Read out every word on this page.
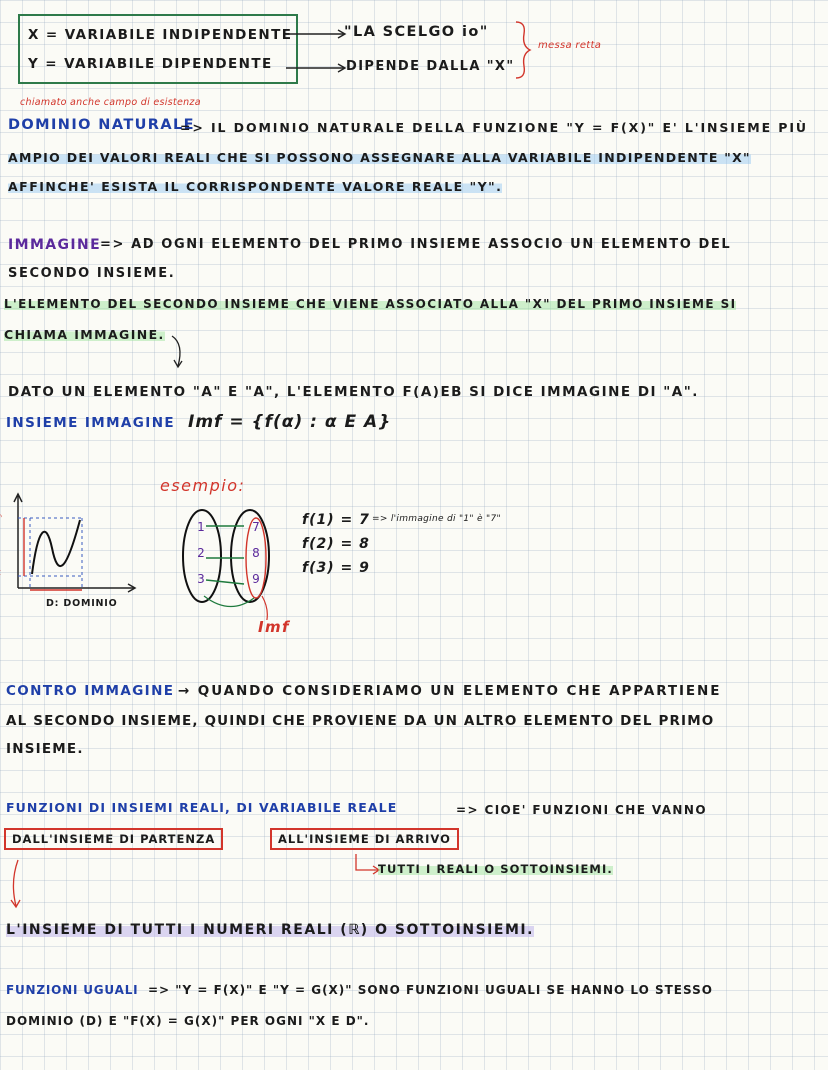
X = VARIABILE INDIPENDENTE
Y = VARIABILE DIPENDENTE
"LA SCELGO io"
DIPENDE DALLA "X"
messa retta
chiamato anche campo di esistenza
DOMINIO NATURALE
=> IL DOMINIO NATURALE DELLA FUNZIONE "Y = F(X)" E' L'INSIEME PIÙ
AMPIO DEI VALORI REALI CHE SI POSSONO ASSEGNARE ALLA VARIABILE INDIPENDENTE "X"
AFFINCHE' ESISTA IL CORRISPONDENTE VALORE REALE "Y".
IMMAGINE
=> AD OGNI ELEMENTO DEL PRIMO INSIEME ASSOCIO UN ELEMENTO DEL
SECONDO INSIEME.
L'ELEMENTO DEL SECONDO INSIEME CHE VIENE ASSOCIATO ALLA "X" DEL PRIMO INSIEME SI
CHIAMA IMMAGINE.
DATO UN ELEMENTO "A" E "A", L'ELEMENTO F(A)EB SI DICE IMMAGINE DI "A".
INSIEME IMMAGINE Imf = {f(α) : α E A}
esempio:
D: DOMINIO
1
2
3
7
8
9
Imf
f(1) = 7
f(2) = 8
f(3) = 9
=> l'immagine di "1" è "7"
CONTRO IMMAGINE → QUANDO CONSIDERIAMO UN ELEMENTO CHE APPARTIENE
AL SECONDO INSIEME, QUINDI CHE PROVIENE DA UN ALTRO ELEMENTO DEL PRIMO
INSIEME.
FUNZIONI DI INSIEMI REALI, DI VARIABILE REALE	=> CIOE' FUNZIONI CHE VANNO
DALL'INSIEME DI PARTENZA	ALL'INSIEME DI ARRIVO
TUTTI I REALI O SOTTOINSIEMI.
L'INSIEME DI TUTTI I NUMERI REALI (ℝ) O SOTTOINSIEMI.
FUNZIONI UGUALI => "Y = F(X)" E "Y = G(X)" SONO FUNZIONI UGUALI SE HANNO LO STESSO
DOMINIO (D) E "F(X) = G(X)" PER OGNI "X E D".
